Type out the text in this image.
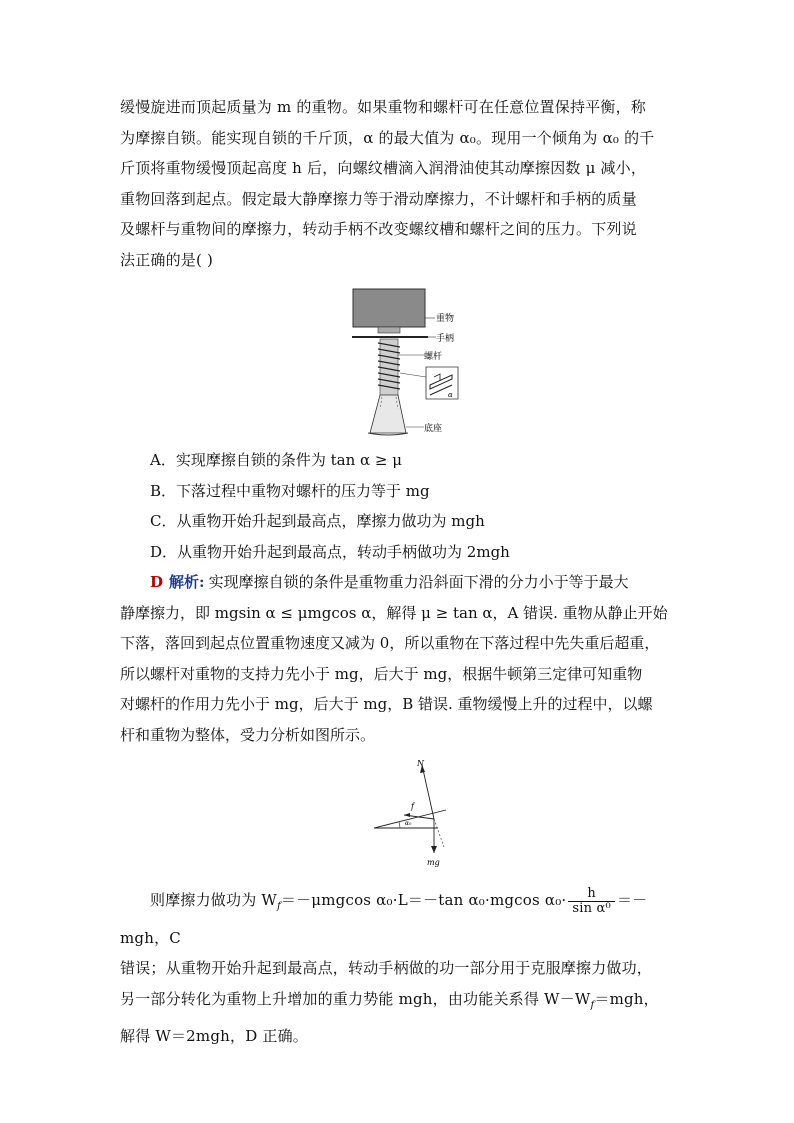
缓慢旋进而顶起质量为 m 的重物。如果重物和螺杆可在任意位置保持平衡，称
为摩擦自锁。能实现自锁的千斤顶，α 的最大值为 α₀。现用一个倾角为 α₀ 的千
斤顶将重物缓慢顶起高度 h 后，向螺纹槽滴入润滑油使其动摩擦因数 μ 减小，
重物回落到起点。假定最大静摩擦力等于滑动摩擦力，不计螺杆和手柄的质量
及螺杆与重物间的摩擦力，转动手柄不改变螺纹槽和螺杆之间的压力。下列说
法正确的是( )
重物
手柄
螺杆
α
底座
A．实现摩擦自锁的条件为 tan α ≥ μ
B．下落过程中重物对螺杆的压力等于 mg
C．从重物开始升起到最高点，摩擦力做功为 mgh
D．从重物开始升起到最高点，转动手柄做功为 2mgh
D 解析: 实现摩擦自锁的条件是重物重力沿斜面下滑的分力小于等于最大
静摩擦力，即 mgsin α ≤ μmgcos α，解得 μ ≥ tan α，A 错误. 重物从静止开始
下落，落回到起点位置重物速度又减为 0，所以重物在下落过程中先失重后超重，
所以螺杆对重物的支持力先小于 mg，后大于 mg，根据牛顿第三定律可知重物
对螺杆的作用力先小于 mg，后大于 mg，B 错误. 重物缓慢上升的过程中，以螺
杆和重物为整体，受力分析如图所示。
N
f
mg
α₀
则摩擦力做功为 $W_f=-\mu mgcos$ α₀·L＝－tan α₀·mgcos $\alpha_0\cdot \frac{h}{\text{sin α⁰}} =-mgh$，C
错误；从重物开始升起到最高点，转动手柄做的功一部分用于克服摩擦力做功，
另一部分转化为重物上升增加的重力势能 mgh，由功能关系得 $W-W_f=mgh$，
解得 W＝2mgh，D 正确。
